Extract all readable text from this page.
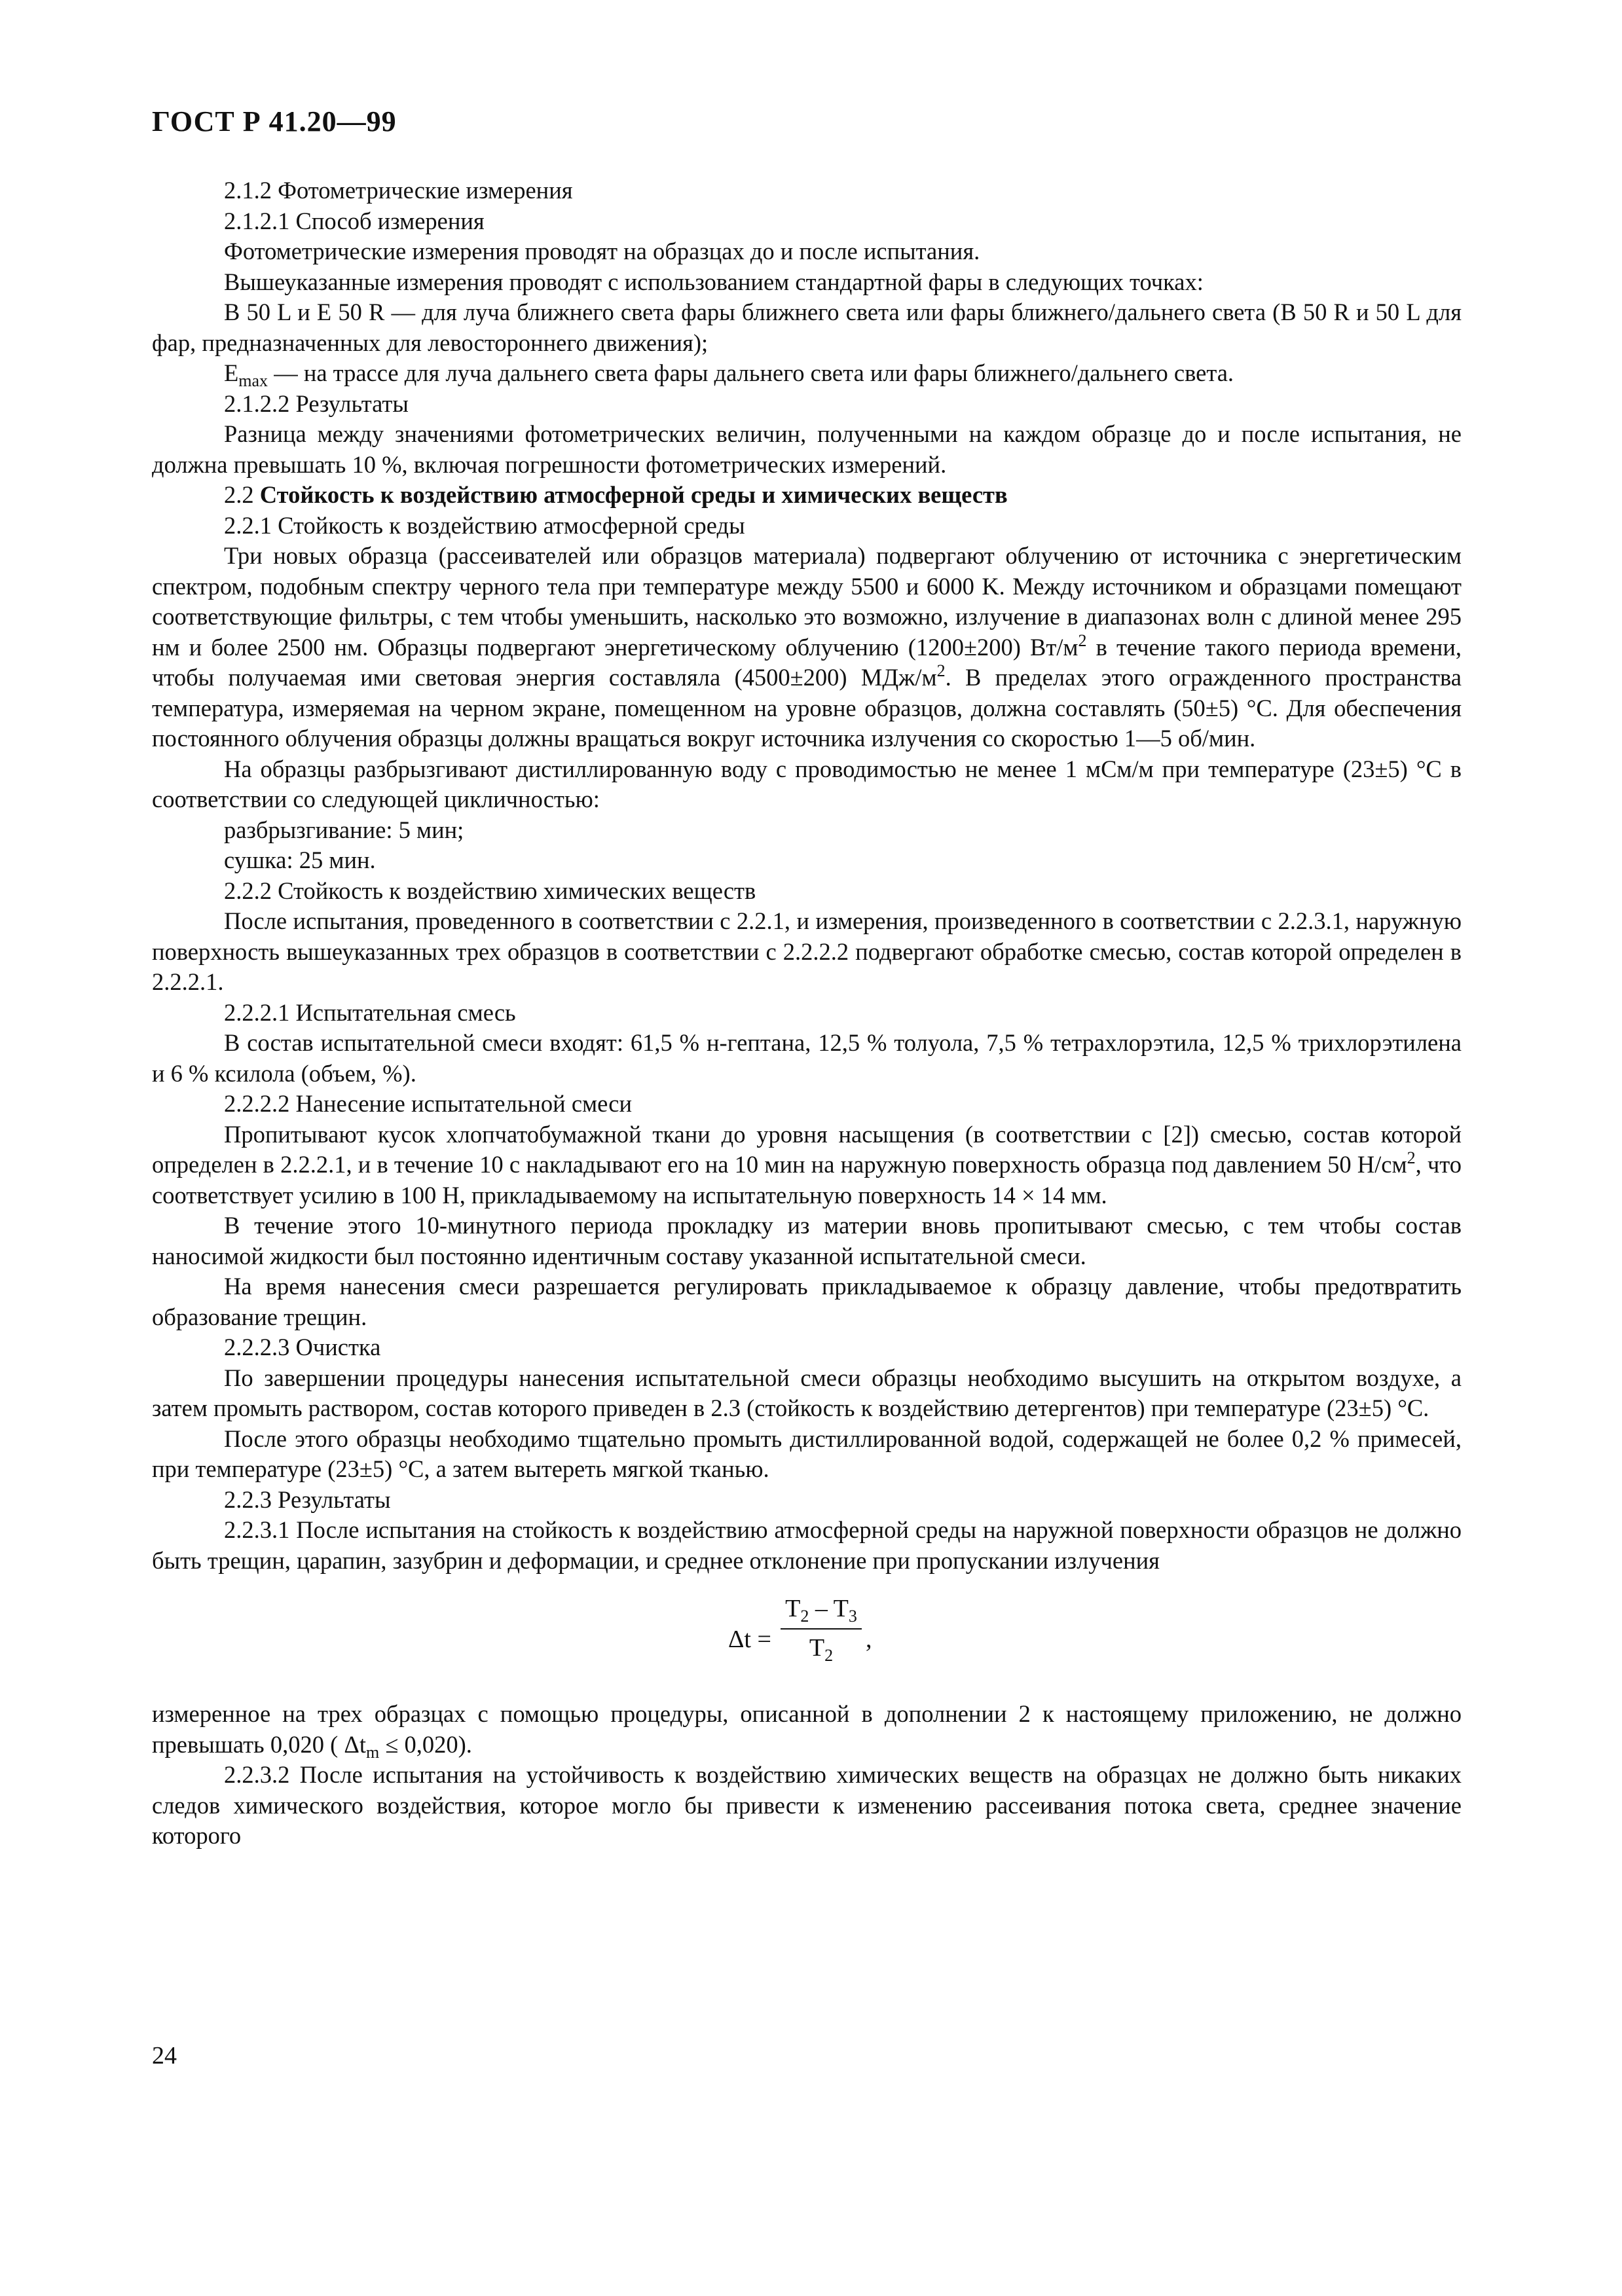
ГОСТ Р 41.20—99

2.1.2 Фотометрические измерения

2.1.2.1 Способ измерения

Фотометрические измерения проводят на образцах до и после испытания.

Вышеуказанные измерения проводят с использованием стандартной фары в следующих точках:

В 50 L и Е 50 R — для луча ближнего света фары ближнего света или фары ближнего/дальнего света (В 50 R и 50 L для фар, предназначенных для левостороннего движения);

$E_{max}$ — на трассе для луча дальнего света фары дальнего света или фары ближнего/дальнего света.

2.1.2.2 Результаты

Разница между значениями фотометрических величин, полученными на каждом образце до и после испытания, не должна превышать 10 %, включая погрешности фотометрических измерений.

2.2 Стойкость к воздействию атмосферной среды и химических веществ

2.2.1 Стойкость к воздействию атмосферной среды

Три новых образца (рассеивателей или образцов материала) подвергают облучению от источника с энергетическим спектром, подобным спектру черного тела при температуре между 5500 и 6000 K. Между источником и образцами помещают соответствующие фильтры, с тем чтобы уменьшить, насколько это возможно, излучение в диапазонах волн с длиной менее 295 нм и более 2500 нм. Образцы подвергают энергетическому облучению (1200±200) $Вт/м^2$ в течение такого периода времени, чтобы получаемая ими световая энергия составляла (4500±200) МДж/$м^2$. В пределах этого огражденного пространства температура, измеряемая на черном экране, помещенном на уровне образцов, должна составлять (50±5) °С. Для обеспечения постоянного облучения образцы должны вращаться вокруг источника излучения со скоростью 1—5 об/мин.

На образцы разбрызгивают дистиллированную воду с проводимостью не менее 1 мСм/м при температуре (23±5) °С в соответствии со следующей цикличностью:

разбрызгивание: 5 мин;

сушка: 25 мин.

2.2.2 Стойкость к воздействию химических веществ

После испытания, проведенного в соответствии с 2.2.1, и измерения, произведенного в соответствии с 2.2.3.1, наружную поверхность вышеуказанных трех образцов в соответствии с 2.2.2.2 подвергают обработке смесью, состав которой определен в 2.2.2.1.

2.2.2.1 Испытательная смесь

В состав испытательной смеси входят: 61,5 % н-гептана, 12,5 % толуола, 7,5 % тетрахлорэтила, 12,5 % трихлорэтилена и 6 % ксилола (объем, %).

2.2.2.2 Нанесение испытательной смеси

Пропитывают кусок хлопчатобумажной ткани до уровня насыщения (в соответствии с [2]) смесью, состав которой определен в 2.2.2.1, и в течение 10 с накладывают его на 10 мин на наружную поверхность образца под давлением 50 $Н/см^2$, что соответствует усилию в 100 Н, прикладываемому на испытательную поверхность 14 × 14 мм.

В течение этого 10-минутного периода прокладку из материи вновь пропитывают смесью, с тем чтобы состав наносимой жидкости был постоянно идентичным составу указанной испытательной смеси.

На время нанесения смеси разрешается регулировать прикладываемое к образцу давление, чтобы предотвратить образование трещин.

2.2.2.3 Очистка

По завершении процедуры нанесения испытательной смеси образцы необходимо высушить на открытом воздухе, а затем промыть раствором, состав которого приведен в 2.3 (стойкость к воздействию детергентов) при температуре (23±5) °С.

После этого образцы необходимо тщательно промыть дистиллированной водой, содержащей не более 0,2 % примесей, при температуре (23±5) °С, а затем вытереть мягкой тканью.

2.2.3 Результаты

2.2.3.1 После испытания на стойкость к воздействию атмосферной среды на наружной поверхности образцов не должно быть трещин, царапин, зазубрин и деформации, и среднее отклонение при пропускании излучения

Δt =
$T_2 - T_3$
$T_2$
,

измеренное на трех образцах с помощью процедуры, описанной в дополнении 2 к настоящему приложению, не должно превышать 0,020 ( $\Delta t_m \le 0,020$).

2.2.3.2 После испытания на устойчивость к воздействию химических веществ на образцах не должно быть никаких следов химического воздействия, которое могло бы привести к изменению рассеивания потока света, среднее значение которого

24
